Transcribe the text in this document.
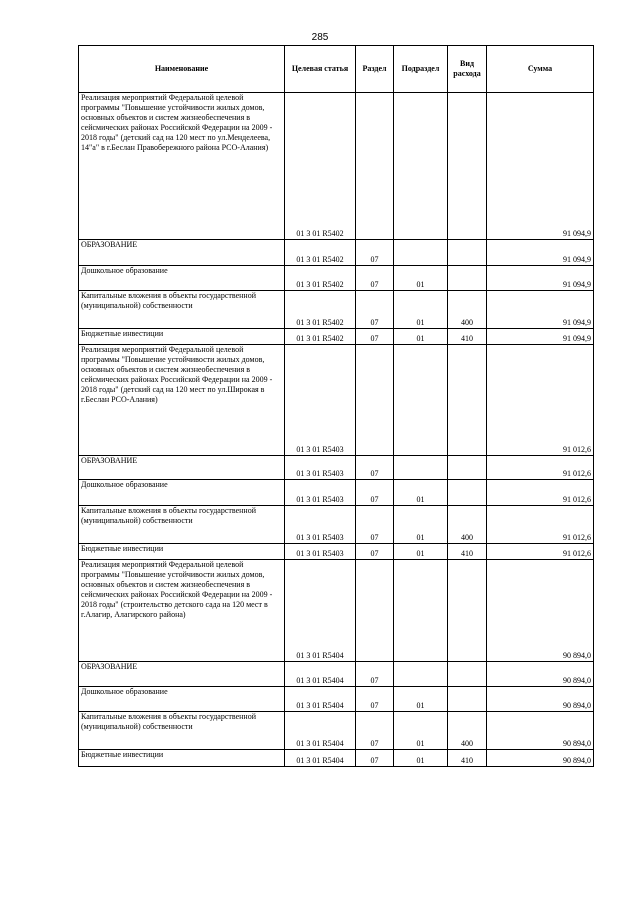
285
Наименование	Целевая статья	Раздел	Подраздел	Вид расхода	Сумма
Реализация мероприятий Федеральной целевой программы "Повышение устойчивости жилых домов, основных объектов и систем жизнеобеспечения в сейсмических районах Российской Федерации на 2009 - 2018 годы" (детский сад на 120 мест по ул.Менделеева, 14"а" в г.Беслан Правобережного района РСО-Алания)	01 3 01 R5402				91 094,9
ОБРАЗОВАНИЕ	01 3 01 R5402	07			91 094,9
Дошкольное образование	01 3 01 R5402	07	01		91 094,9
Капитальные вложения в объекты государственной (муниципальной) собственности	01 3 01 R5402	07	01	400	91 094,9
Бюджетные инвестиции	01 3 01 R5402	07	01	410	91 094,9
Реализация мероприятий Федеральной целевой программы "Повышение устойчивости жилых домов, основных объектов и систем жизнеобеспечения в сейсмических районах Российской Федерации на 2009 - 2018 годы" (детский сад на 120 мест по ул.Широкая в г.Беслан РСО-Алания)	01 3 01 R5403				91 012,6
ОБРАЗОВАНИЕ	01 3 01 R5403	07			91 012,6
Дошкольное образование	01 3 01 R5403	07	01		91 012,6
Капитальные вложения в объекты государственной (муниципальной) собственности	01 3 01 R5403	07	01	400	91 012,6
Бюджетные инвестиции	01 3 01 R5403	07	01	410	91 012,6
Реализация мероприятий Федеральной целевой программы "Повышение устойчивости жилых домов, основных объектов и систем жизнеобеспечения в сейсмических районах Российской Федерации на 2009 - 2018 годы" (строительство детского сада на 120 мест в г.Алагир, Алагирского района)	01 3 01 R5404				90 894,0
ОБРАЗОВАНИЕ	01 3 01 R5404	07			90 894,0
Дошкольное образование	01 3 01 R5404	07	01		90 894,0
Капитальные вложения в объекты государственной (муниципальной) собственности	01 3 01 R5404	07	01	400	90 894,0
Бюджетные инвестиции	01 3 01 R5404	07	01	410	90 894,0
